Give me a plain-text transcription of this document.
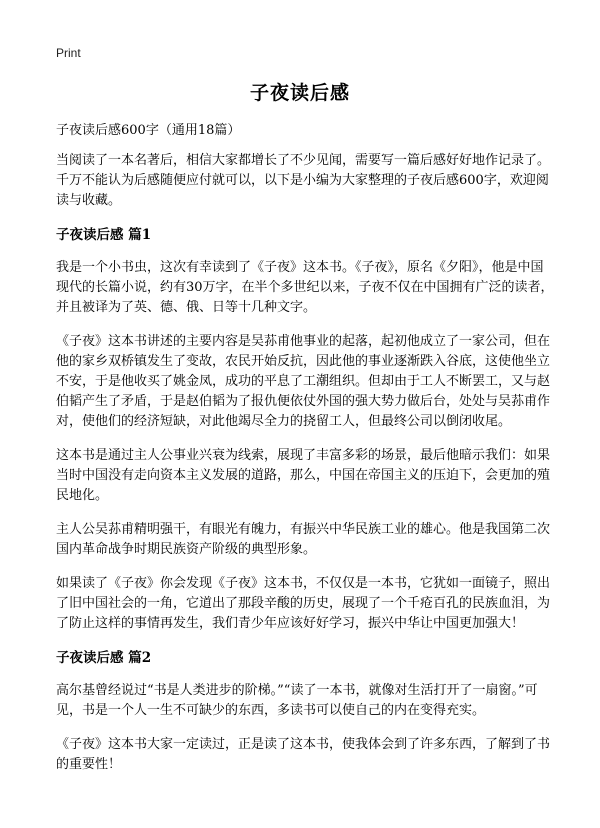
Print
子夜读后感

子夜读后感600字（通用18篇）

当阅读了一本名著后，相信大家都增长了不少见闻，需要写一篇后感好好地作记录了。千万不能认为后感随便应付就可以，以下是小编为大家整理的子夜后感600字，欢迎阅读与收藏。

子夜读后感 篇1

我是一个小书虫，这次有幸读到了《子夜》这本书。《子夜》，原名《夕阳》，他是中国现代的长篇小说，约有30万字，在半个多世纪以来，子夜不仅在中国拥有广泛的读者，并且被译为了英、德、俄、日等十几种文字。

《子夜》这本书讲述的主要内容是吴荪甫他事业的起落，起初他成立了一家公司，但在他的家乡双桥镇发生了变故，农民开始反抗，因此他的事业逐渐跌入谷底，这使他坐立不安，于是他收买了姚金凤，成功的平息了工潮组织。但却由于工人不断罢工，又与赵伯韬产生了矛盾，于是赵伯韬为了报仇便依仗外国的强大势力做后台，处处与吴荪甫作对，使他们的经济短缺，对此他竭尽全力的挠留工人，但最终公司以倒闭收尾。

这本书是通过主人公事业兴衰为线索，展现了丰富多彩的场景，最后他暗示我们：如果当时中国没有走向资本主义发展的道路，那么，中国在帝国主义的压迫下，会更加的殖民地化。

主人公吴荪甫精明强干，有眼光有魄力，有振兴中华民族工业的雄心。他是我国第二次国内革命战争时期民族资产阶级的典型形象。

如果读了《子夜》你会发现《子夜》这本书，不仅仅是一本书，它犹如一面镜子，照出了旧中国社会的一角，它道出了那段辛酸的历史，展现了一个千疮百孔的民族血泪，为了防止这样的事情再发生，我们青少年应该好好学习，振兴中华让中国更加强大！

子夜读后感 篇2

高尔基曾经说过“书是人类进步的阶梯。”“读了一本书，就像对生活打开了一扇窗。”可见，书是一个人一生不可缺少的东西，多读书可以使自己的内在变得充实。

《子夜》这本书大家一定读过，正是读了这本书，使我体会到了许多东西，了解到了书的重要性！
